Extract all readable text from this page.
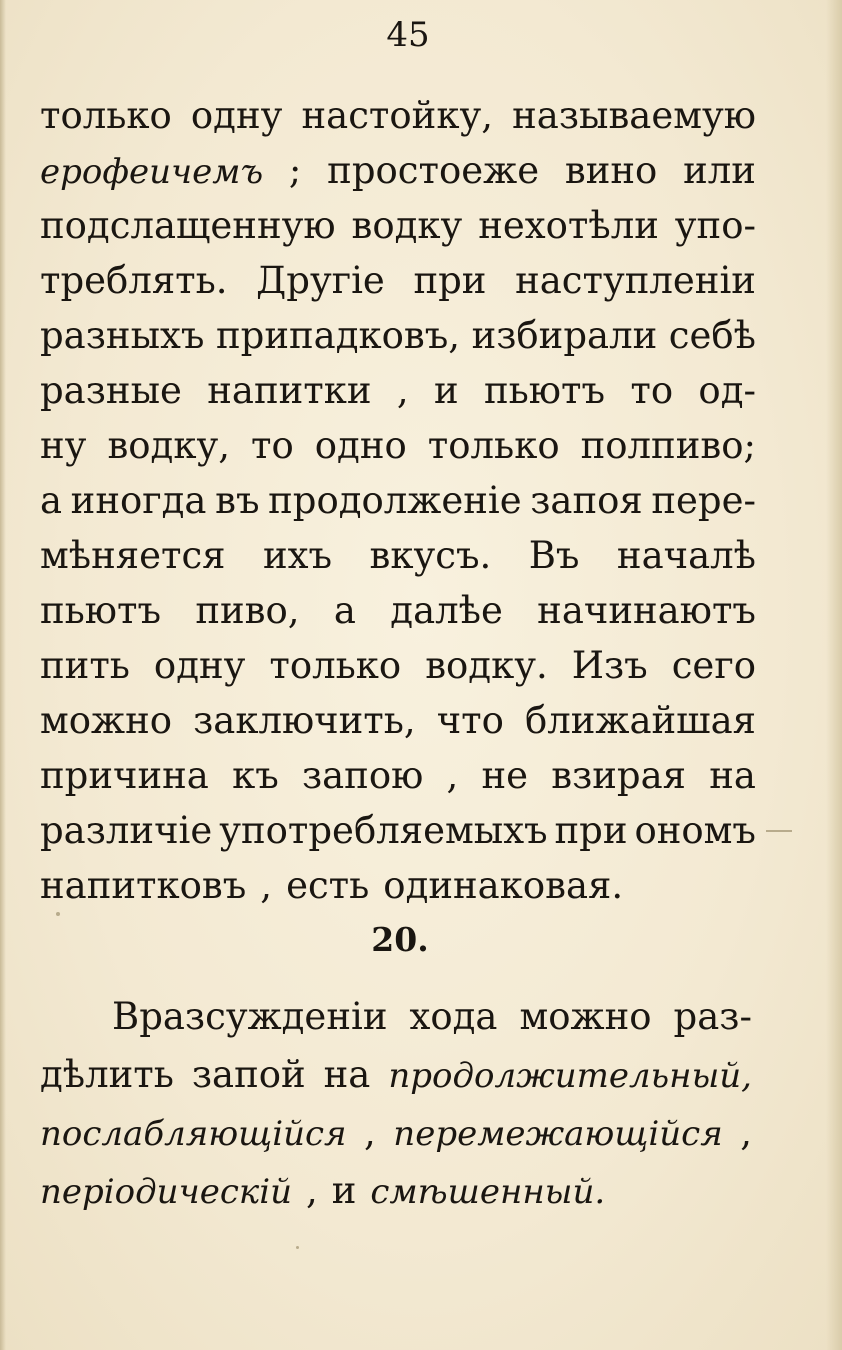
45
только одну настойку, называемую
ерофеичемъ ; простоеже вино или
подслащенную водку нехотѣли упо-
треблять. Другіе при наступленіи
разныхъ припадковъ, избирали себѣ
разные напитки , и пьютъ то од-
ну водку, то одно только полпиво;
а иногда въ продолженіе запоя пере-
мѣняется ихъ вкусъ. Въ началѣ
пьютъ пиво, а далѣе начинаютъ
пить одну только водку. Изъ сего
можно заключить, что ближайшая
причина къ запою , не взирая на
различіе употребляемыхъ при ономъ
напитковъ , есть одинаковая.
20.
Вразсужденіи хода можно раз-
дѣлить запой на продолжительный,
послабляющійся , перемежающійся ,
періодическій , и смѣшенный.
